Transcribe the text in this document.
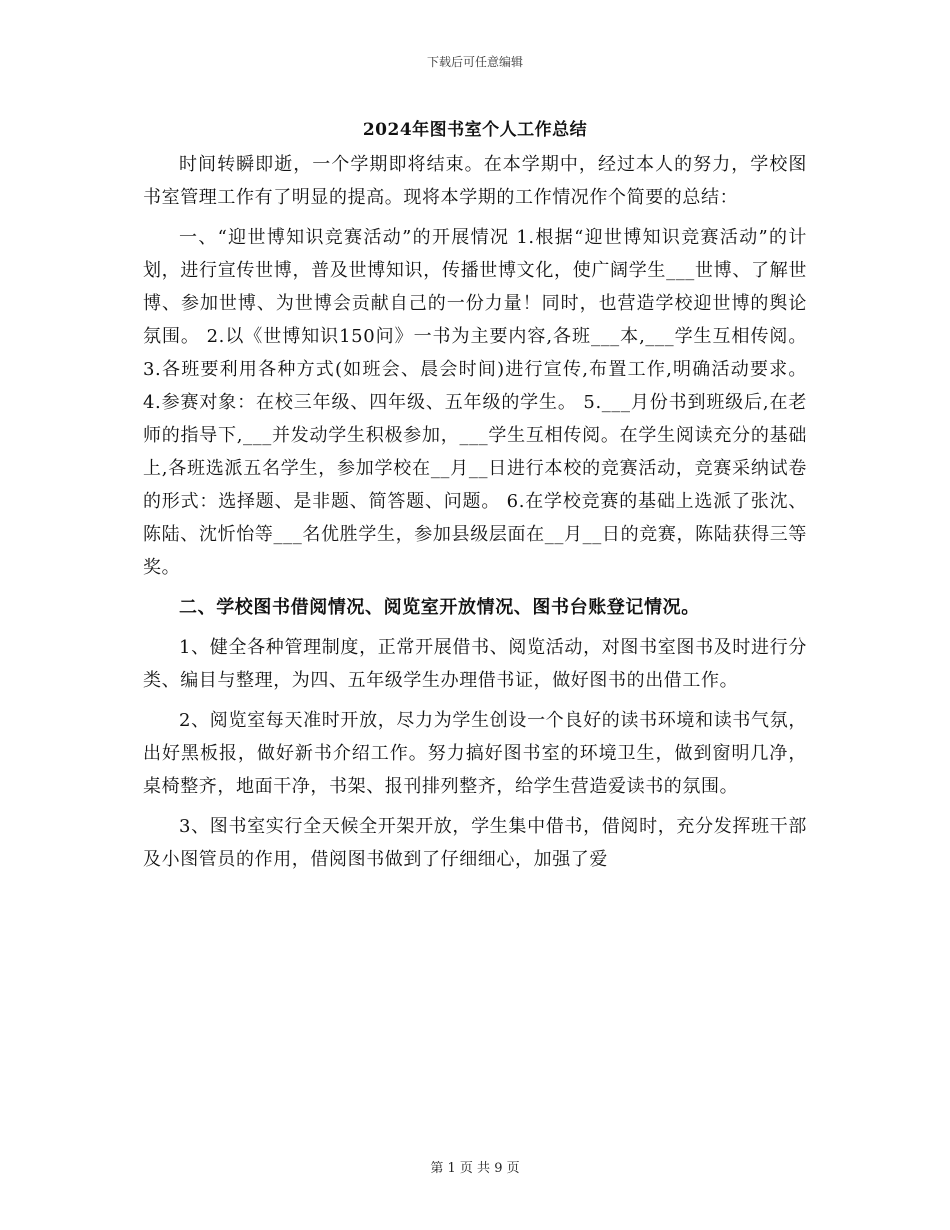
下载后可任意编辑
2024年图书室个人工作总结

时间转瞬即逝，一个学期即将结束。在本学期中，经过本人的努力，学校图书室管理工作有了明显的提高。现将本学期的工作情况作个简要的总结：

一、“迎世博知识竞赛活动”的开展情况 1.根据“迎世博知识竞赛活动”的计划，进行宣传世博，普及世博知识，传播世博文化，使广阔学生___世博、了解世博、参加世博、为世博会贡献自己的一份力量！同时，也营造学校迎世博的舆论氛围。 2.以《世博知识150问》一书为主要内容,各班___本,___学生互相传阅。 3.各班要利用各种方式(如班会、晨会时间)进行宣传,布置工作,明确活动要求。 4.参赛对象：在校三年级、四年级、五年级的学生。 5.___月份书到班级后,在老师的指导下,___并发动学生积极参加，___学生互相传阅。在学生阅读充分的基础上,各班选派五名学生，参加学校在__月__日进行本校的竞赛活动，竞赛采纳试卷的形式：选择题、是非题、简答题、问题。 6.在学校竞赛的基础上选派了张沈、陈陆、沈忻怡等___名优胜学生，参加县级层面在__月__日的竞赛，陈陆获得三等奖。

二、学校图书借阅情况、阅览室开放情况、图书台账登记情况。

1、健全各种管理制度，正常开展借书、阅览活动，对图书室图书及时进行分类、编目与整理，为四、五年级学生办理借书证，做好图书的出借工作。

2、阅览室每天准时开放，尽力为学生创设一个良好的读书环境和读书气氛，出好黑板报，做好新书介绍工作。努力搞好图书室的环境卫生，做到窗明几净，桌椅整齐，地面干净，书架、报刊排列整齐，给学生营造爱读书的氛围。

3、图书室实行全天候全开架开放，学生集中借书，借阅时，充分发挥班干部及小图管员的作用，借阅图书做到了仔细细心，加强了爱

第 1 页 共 9 页
